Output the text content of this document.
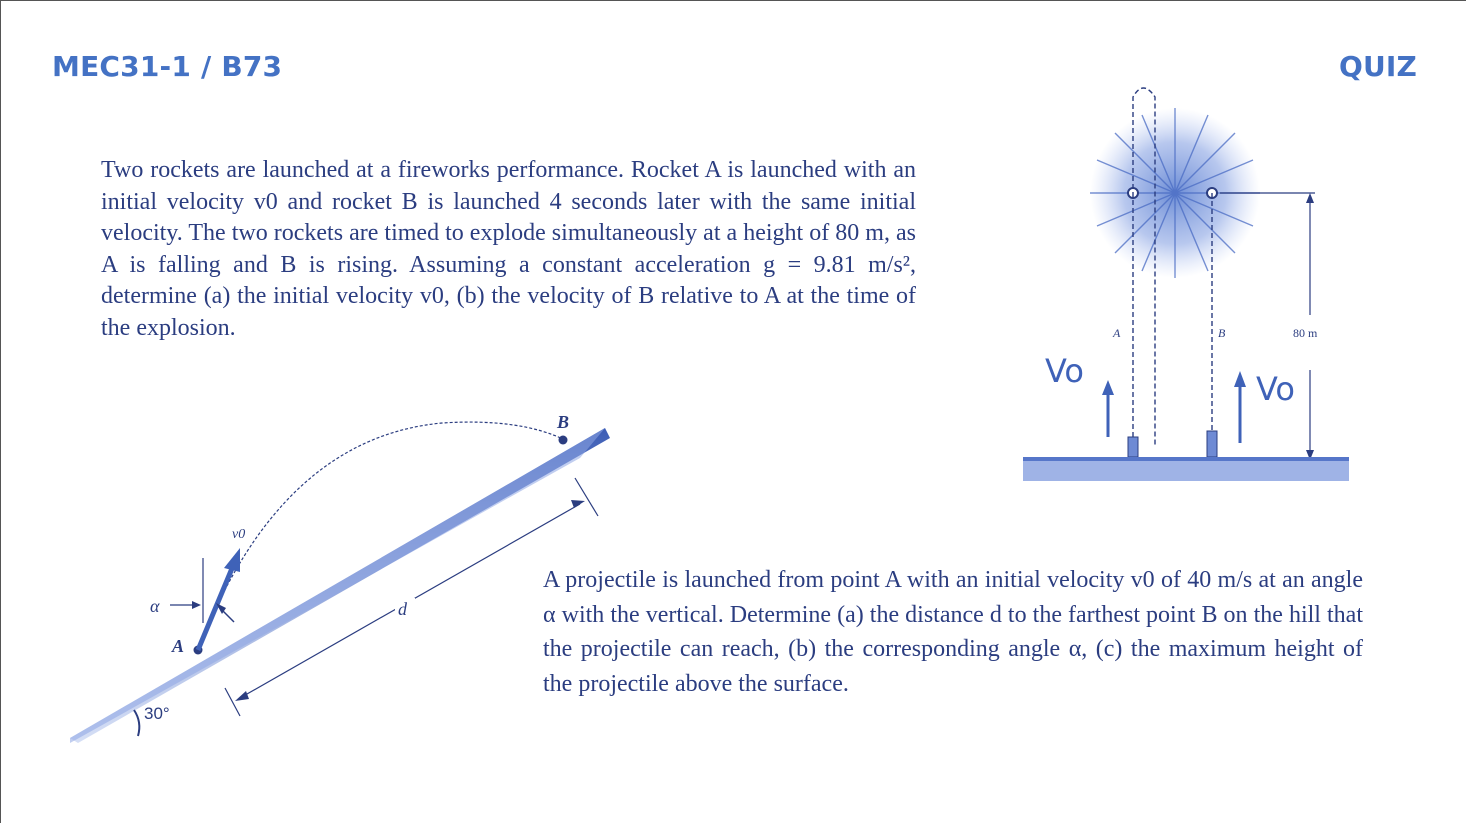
MEC31-1 / B73	QUIZ
Two rockets are launched at a fireworks performance. Rocket A is launched with an initial velocity v0 and rocket B is launched 4 seconds later with the same initial velocity. The two rockets are timed to explode simultaneously at a height of 80 m, as A is falling and B is rising. Assuming a constant acceleration g = 9.81 m/s², determine (a) the initial velocity v0, (b) the velocity of B relative to A at the time of the explosion.	A	B	80 m
Vo	Vo
A
B
v0
α	d
30°
A projectile is launched from point A with an initial velocity v0 of 40 m/s at an angle α with the vertical. Determine (a) the distance d to the farthest point B on the hill that the projectile can reach, (b) the corresponding angle α, (c) the maximum height of the projectile above the surface.
